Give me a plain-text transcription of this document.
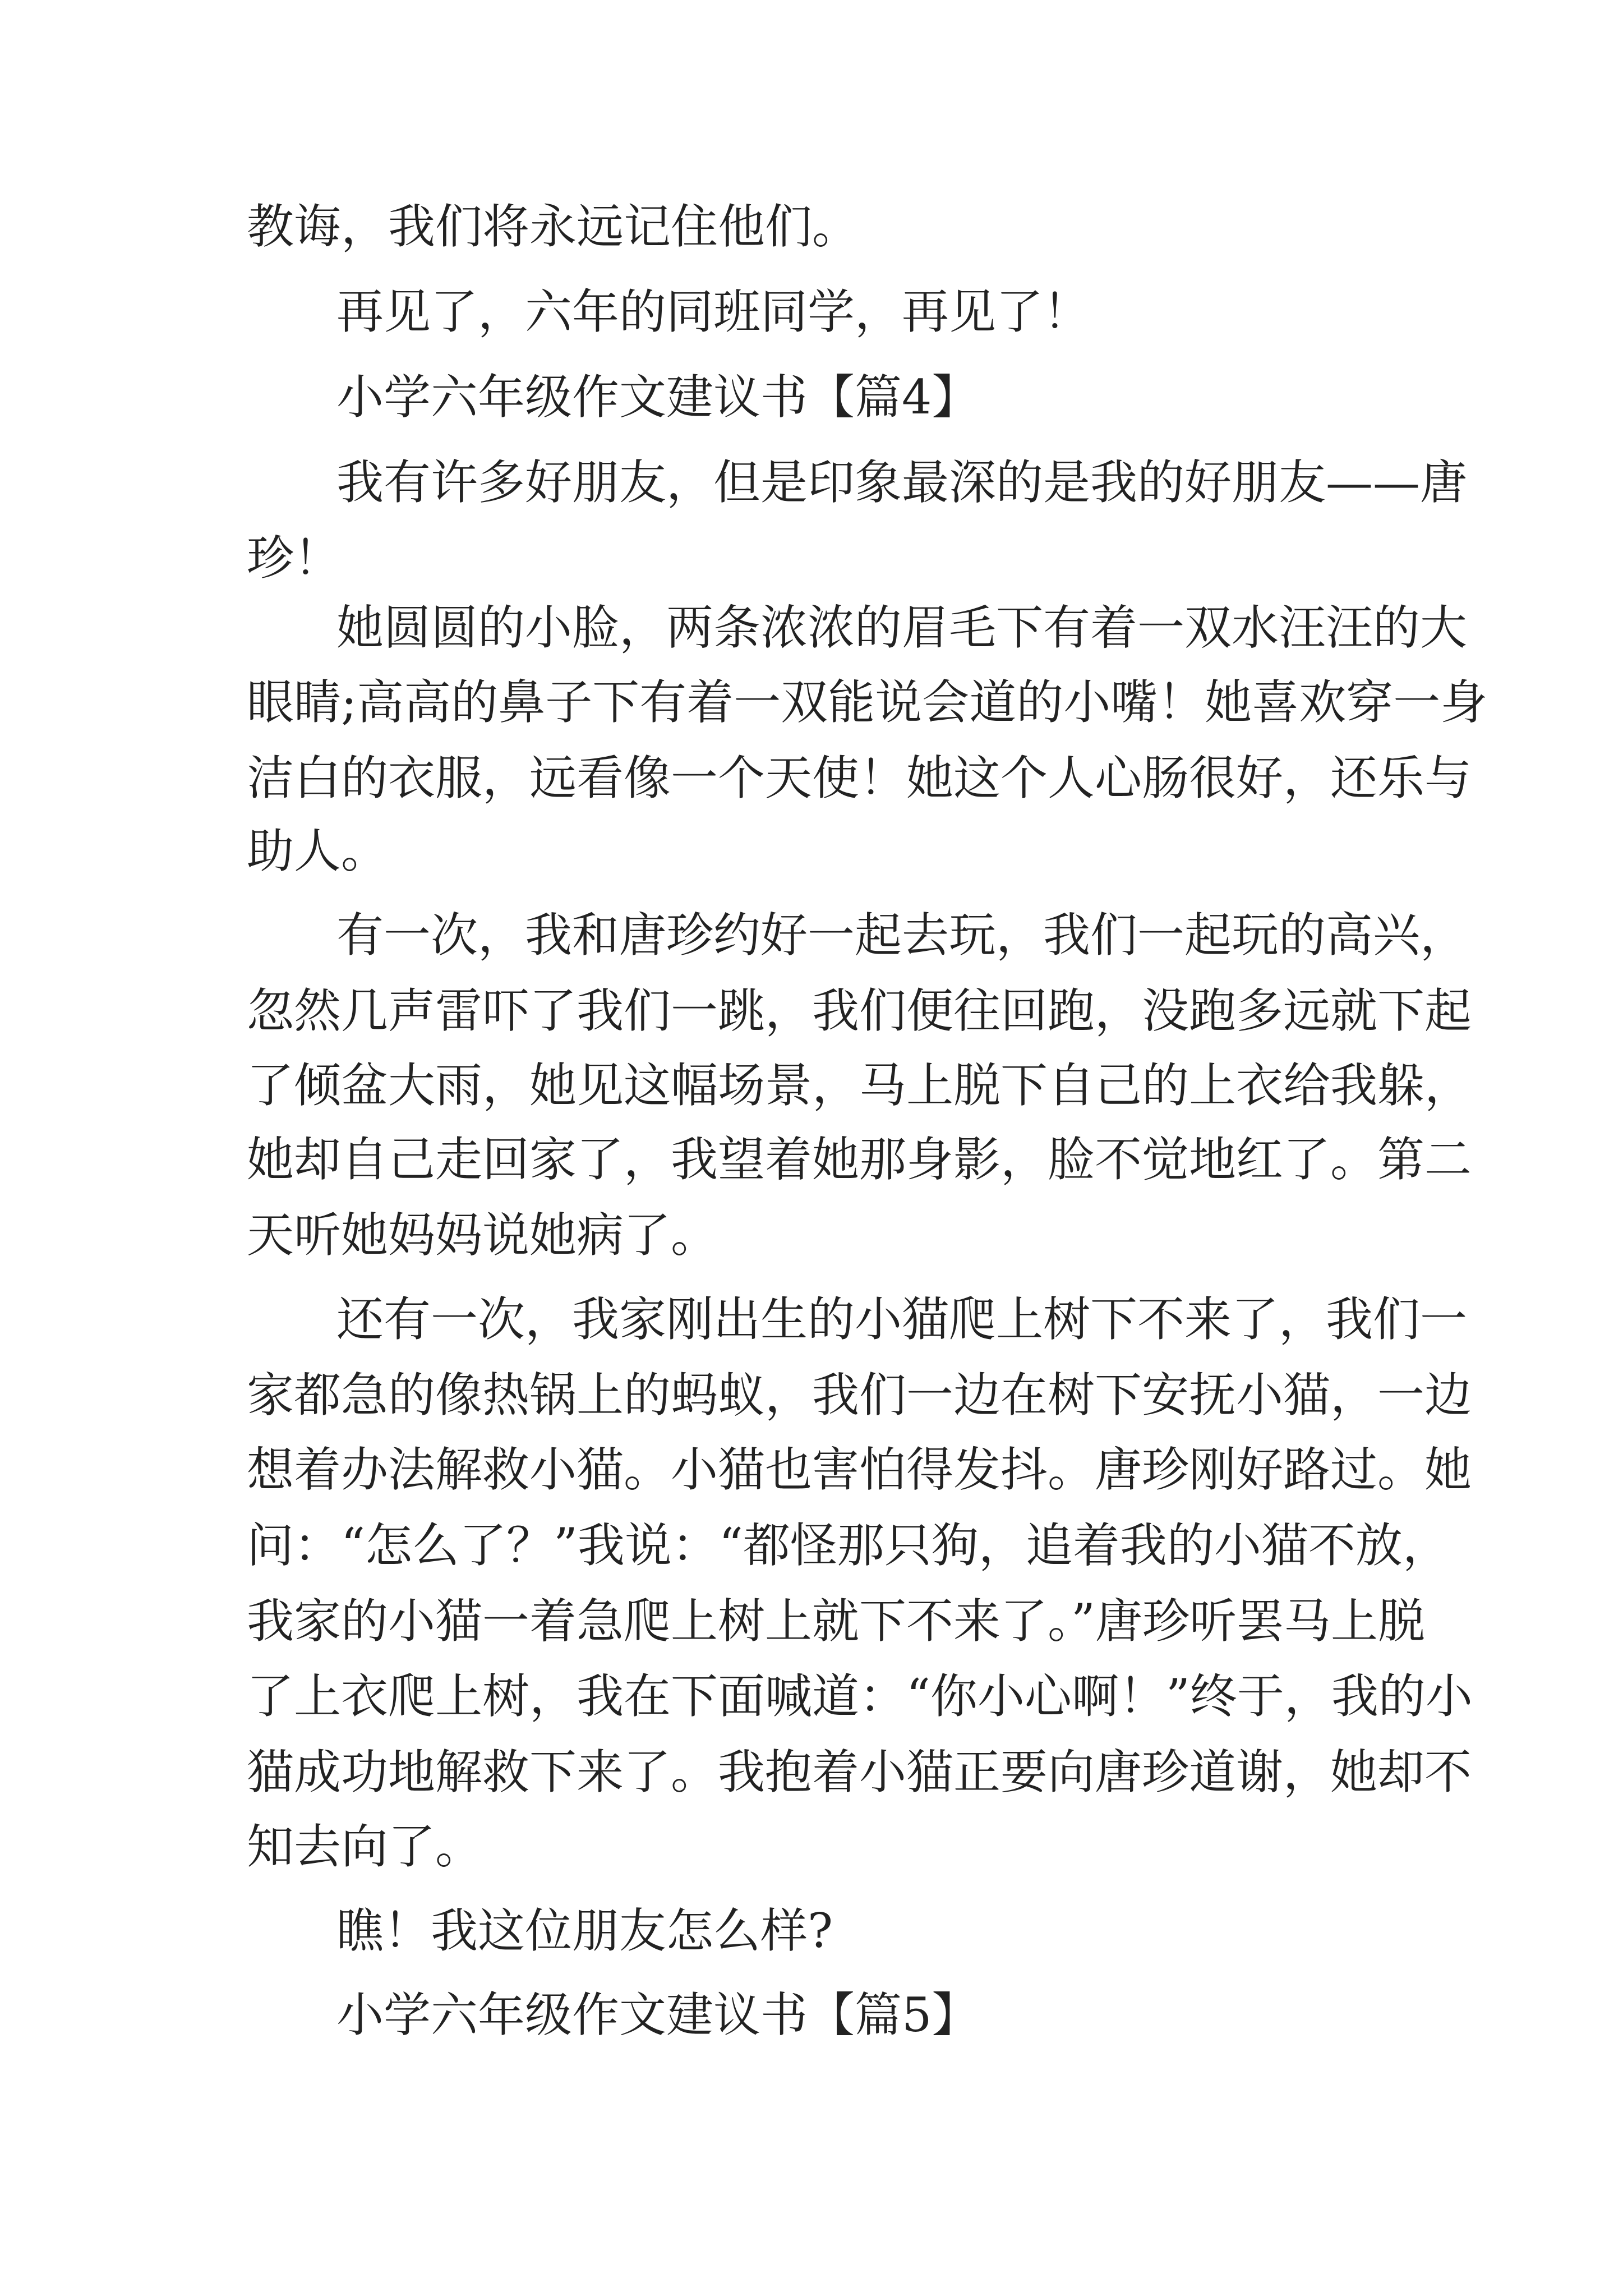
教诲，我们将永远记住他们。
再见了，六年的同班同学，再见了！
小学六年级作文建议书【篇4】
我有许多好朋友，但是印象最深的是我的好朋友——唐
珍！
她圆圆的小脸，两条浓浓的眉毛下有着一双水汪汪的大
眼睛;高高的鼻子下有着一双能说会道的小嘴！她喜欢穿一身
洁白的衣服，远看像一个天使！她这个人心肠很好，还乐与
助人。
有一次，我和唐珍约好一起去玩，我们一起玩的高兴，
忽然几声雷吓了我们一跳，我们便往回跑，没跑多远就下起
了倾盆大雨，她见这幅场景，马上脱下自己的上衣给我躲，
她却自己走回家了，我望着她那身影，脸不觉地红了。第二
天听她妈妈说她病了。
还有一次，我家刚出生的小猫爬上树下不来了，我们一
家都急的像热锅上的蚂蚁，我们一边在树下安抚小猫，一边
想着办法解救小猫。小猫也害怕得发抖。唐珍刚好路过。她
问：“怎么了？”我说：“都怪那只狗，追着我的小猫不放，
我家的小猫一着急爬上树上就下不来了。”唐珍听罢马上脱
了上衣爬上树，我在下面喊道：“你小心啊！”终于，我的小
猫成功地解救下来了。我抱着小猫正要向唐珍道谢，她却不
知去向了。
瞧！我这位朋友怎么样?
小学六年级作文建议书【篇5】
